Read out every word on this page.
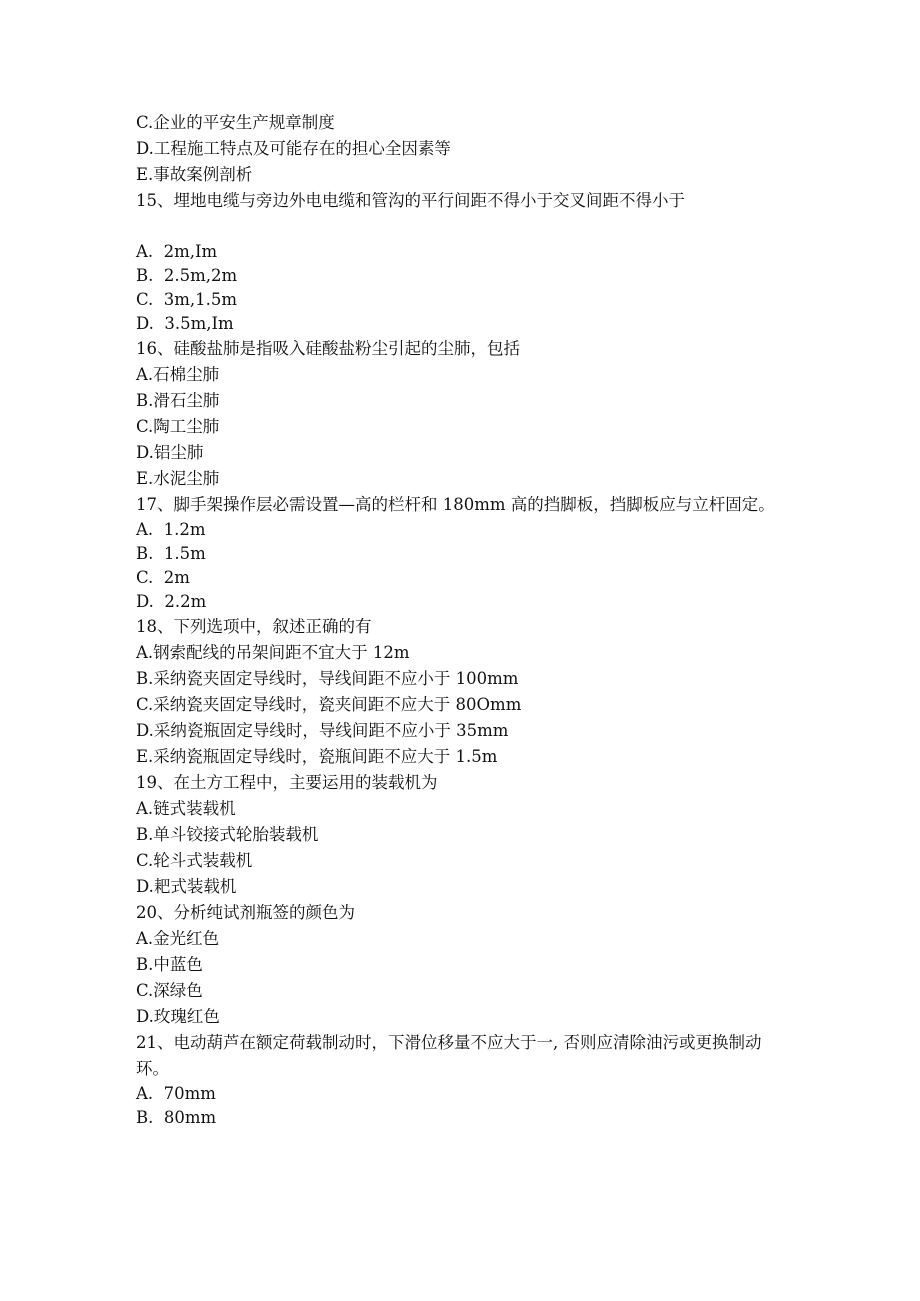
C.企业的平安生产规章制度
D.工程施工特点及可能存在的担心全因素等
E.事故案例剖析
15、埋地电缆与旁边外电电缆和管沟的平行间距不得小于交叉间距不得小于
A.  2m,Im
B.  2.5m,2m
C.  3m,1.5m
D.  3.5m,Im
16、硅酸盐肺是指吸入硅酸盐粉尘引起的尘肺，包括
A.石棉尘肺
B.滑石尘肺
C.陶工尘肺
D.铝尘肺
E.水泥尘肺
17、脚手架操作层必需设置—高的栏杆和 180mm 高的挡脚板，挡脚板应与立杆固定。
A.  1.2m
B.  1.5m
C.  2m
D.  2.2m
18、下列选项中，叙述正确的有
A.钢索配线的吊架间距不宜大于 12m
B.采纳瓷夹固定导线时，导线间距不应小于 100mm
C.采纳瓷夹固定导线时，瓷夹间距不应大于 80Omm
D.采纳瓷瓶固定导线时，导线间距不应小于 35mm
E.采纳瓷瓶固定导线时，瓷瓶间距不应大于 1.5m
19、在土方工程中，主要运用的装载机为
A.链式装载机
B.单斗铰接式轮胎装载机
C.轮斗式装载机
D.耙式装载机
20、分析纯试剂瓶签的颜色为
A.金光红色
B.中蓝色
C.深绿色
D.玫瑰红色
21、电动葫芦在额定荷载制动时，下滑位移量不应大于一, 否则应清除油污或更换制动环。
A.  70mm
B.  80mm
